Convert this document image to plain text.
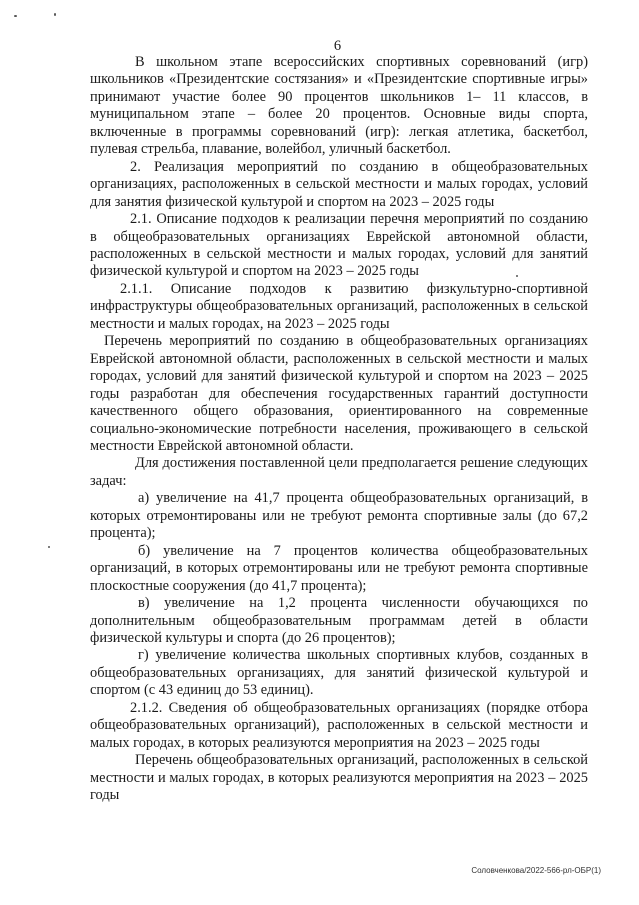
6

В школьном этапе всероссийских спортивных соревнований (игр) школьников «Президентские состязания» и «Президентские спортивные игры» принимают участие более 90 процентов школьников 1– 11 классов, в муниципальном этапе – более 20 процентов. Основные виды спорта, включенные в программы соревнований (игр): легкая атлетика, баскетбол, пулевая стрельба, плавание, волейбол, уличный баскетбол.

2. Реализация мероприятий по созданию в общеобразовательных организациях, расположенных в сельской местности и малых городах, условий для занятия физической культурой и спортом на 2023 – 2025 годы

2.1. Описание подходов к реализации перечня мероприятий по созданию в общеобразовательных организациях Еврейской автономной области, расположенных в сельской местности и малых городах, условий для занятий физической культурой и спортом на 2023 – 2025 годы

2.1.1. Описание подходов к развитию физкультурно-спортивной инфраструктуры общеобразовательных организаций, расположенных в сельской местности и малых городах, на 2023 – 2025 годы

Перечень мероприятий по созданию в общеобразовательных организациях Еврейской автономной области, расположенных в сельской местности и малых городах, условий для занятий физической культурой и спортом на 2023 – 2025 годы разработан для обеспечения государственных гарантий доступности качественного общего образования, ориентированного на современные социально-экономические потребности населения, проживающего в сельской местности Еврейской автономной области.

Для достижения поставленной цели предполагается решение следующих задач:

а) увеличение на 41,7 процента общеобразовательных организаций, в которых отремонтированы или не требуют ремонта спортивные залы (до 67,2 процента);

б) увеличение на 7 процентов количества общеобразовательных организаций, в которых отремонтированы или не требуют ремонта спортивные плоскостные сооружения (до 41,7 процента);

в) увеличение на 1,2 процента численности обучающихся по дополнительным общеобразовательным программам детей в области физической культуры и спорта (до 26 процентов);

г) увеличение количества школьных спортивных клубов, созданных в общеобразовательных организациях, для занятий физической культурой и спортом (с 43 единиц до 53 единиц).

2.1.2. Сведения об общеобразовательных организациях (порядке отбора общеобразовательных организаций), расположенных в сельской местности и малых городах, в которых реализуются мероприятия на 2023 – 2025 годы

Перечень общеобразовательных организаций, расположенных в сельской местности и малых городах, в которых реализуются мероприятия на 2023 – 2025 годы

Соловченкова/2022-566-рл-ОБР(1)
